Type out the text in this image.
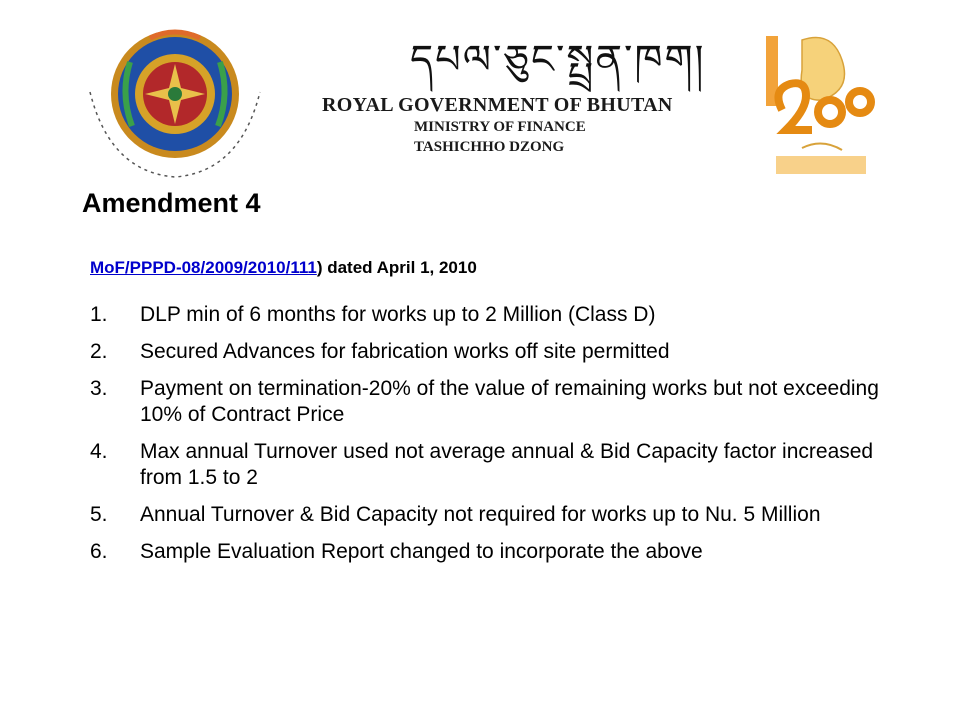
དཔལ་ཅུང་སྤྲན་ཁག།
ROYAL GOVERNMENT OF BHUTAN
MINISTRY OF FINANCE
TASHICHHO DZONG
Amendment 4
MoF/PPPD-08/2009/2010/111) dated April 1, 2010
1.	DLP min of 6 months for works up to 2 Million (Class D)
2.	Secured Advances for fabrication works off site permitted
3.	Payment on termination-20% of the value of remaining works but not exceeding 10% of Contract Price
4.	Max annual Turnover used not average annual & Bid Capacity factor increased from 1.5 to 2
5.	Annual Turnover & Bid Capacity not required for works up to Nu. 5 Million
6.	Sample Evaluation Report changed to incorporate the above
